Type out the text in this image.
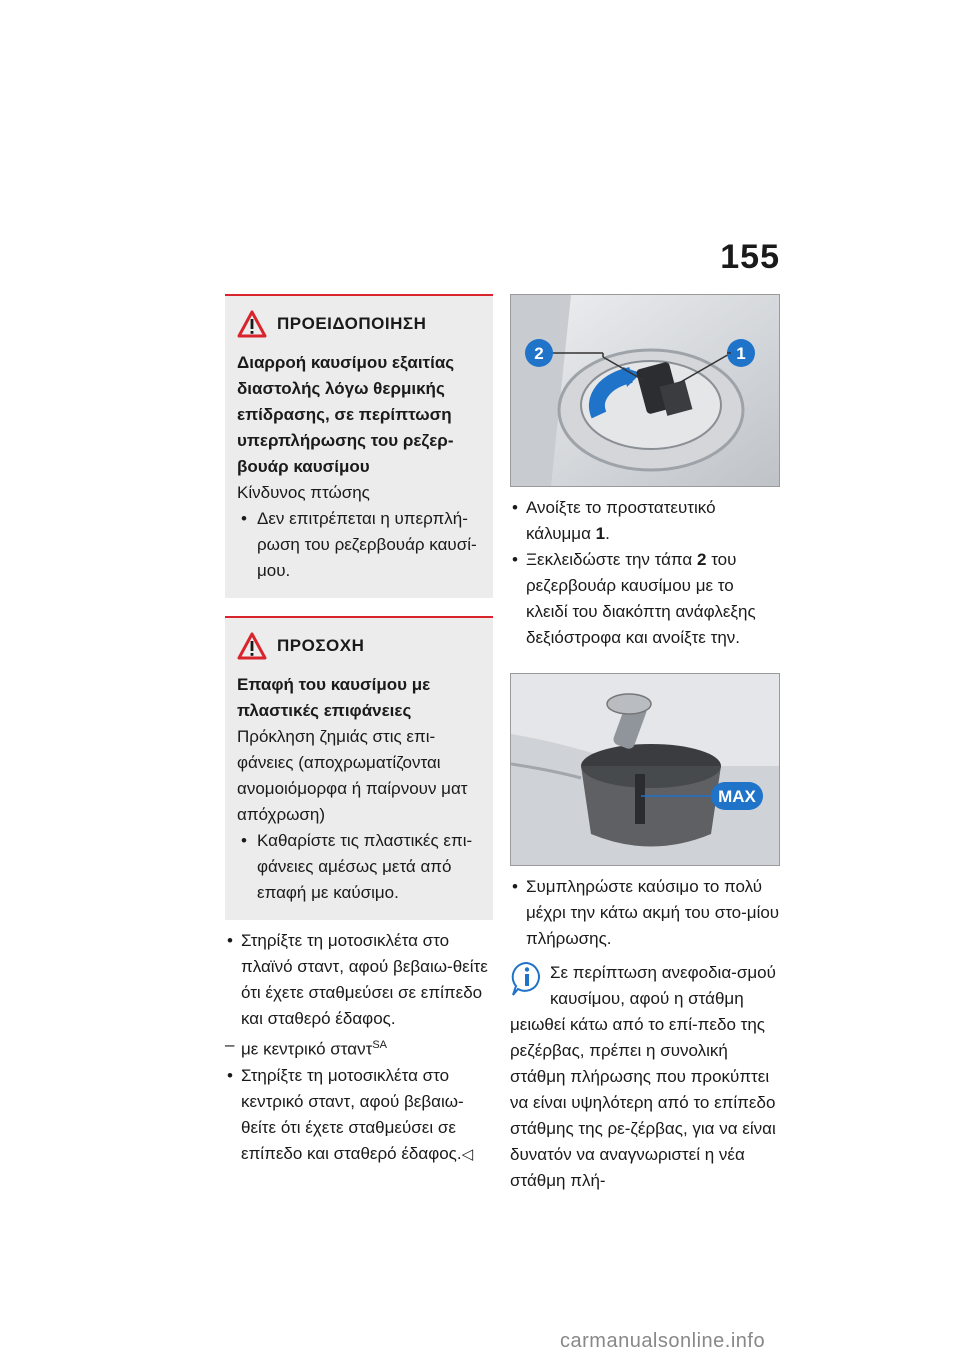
155
ΠΡΟΕΙΔΟΠΟΙΗΣΗ
Διαρροή καυσίμου εξαιτίας διαστολής λόγω θερμικής επίδρασης, σε περίπτωση υπερπλήρωσης του ρεζερ-βουάρ καυσίμου
Κίνδυνος πτώσης
• Δεν επιτρέπεται η υπερπλή-ρωση του ρεζερβουάρ καυσί-μου.
ΠΡΟΣΟΧΗ
Επαφή του καυσίμου με πλαστικές επιφάνειες
Πρόκληση ζημιάς στις επι-φάνειες (αποχρωματίζονται ανομοιόμορφα ή παίρνουν ματ απόχρωση)
• Καθαρίστε τις πλαστικές επι-φάνειες αμέσως μετά από επαφή με καύσιμο.
• Στηρίξτε τη μοτοσικλέτα στο πλαϊνό σταντ, αφού βεβαιω-θείτε ότι έχετε σταθμεύσει σε επίπεδο και σταθερό έδαφος.
– με κεντρικό σταντ$^{SA}$
• Στηρίξτε τη μοτοσικλέτα στο κεντρικό σταντ, αφού βεβαιω-θείτε ότι έχετε σταθμεύσει σε επίπεδο και σταθερό έδαφος.◁
1
2
• Ανοίξτε το προστατευτικό κάλυμμα 1.
• Ξεκλειδώστε την τάπα 2 του ρεζερβουάρ καυσίμου με το κλειδί του διακόπτη ανάφλεξης δεξιόστροφα και ανοίξτε την.
MAX
• Συμπληρώστε καύσιμο το πολύ μέχρι την κάτω ακμή του στο-μίου πλήρωσης.
Σε περίπτωση ανεφοδια-σμού καυσίμου, αφού η στάθμη μειωθεί κάτω από το επί-πεδο της ρεζέρβας, πρέπει η συνολική στάθμη πλήρωσης που προκύπτει να είναι υψηλότερη από το επίπεδο στάθμης της ρε-ζέρβας, για να είναι δυνατόν να αναγνωριστεί η νέα στάθμη πλή-
carmanualsonline.info
